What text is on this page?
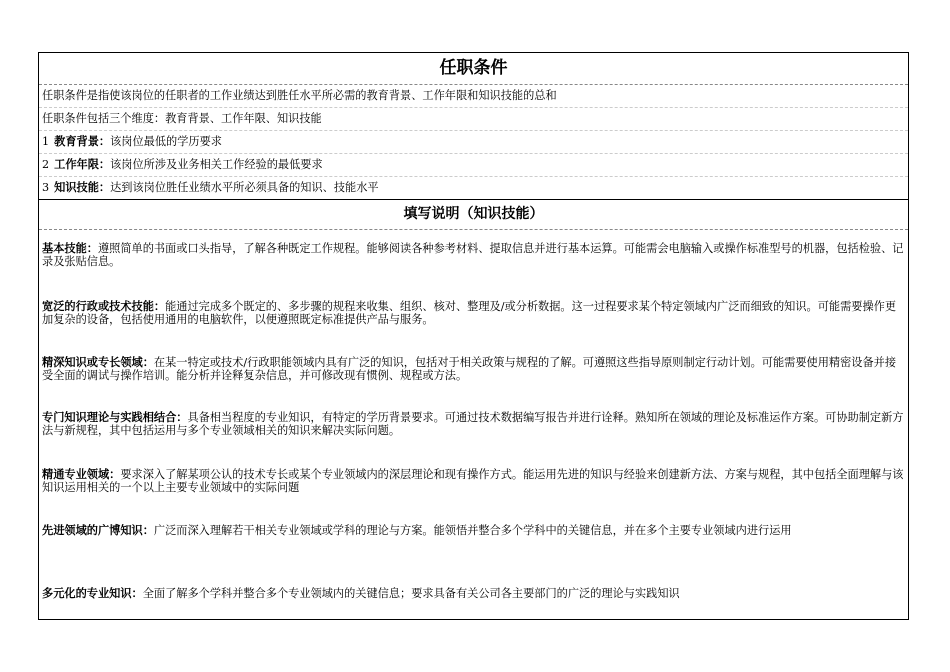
任职条件
任职条件是指使该岗位的任职者的工作业绩达到胜任水平所必需的教育背景、工作年限和知识技能的总和
任职条件包括三个维度：教育背景、工作年限、知识技能
1 教育背景：该岗位最低的学历要求
2 工作年限：该岗位所涉及业务相关工作经验的最低要求
3 知识技能：达到该岗位胜任业绩水平所必须具备的知识、技能水平
填写说明（知识技能）
基本技能：遵照简单的书面或口头指导，了解各种既定工作规程。能够阅读各种参考材料、提取信息并进行基本运算。可能需会电脑输入或操作标准型号的机器，包括检验、记录及张贴信息。
宽泛的行政或技术技能：能通过完成多个既定的、多步骤的规程来收集、组织、核对、整理及/或分析数据。这一过程要求某个特定领域内广泛而细致的知识。可能需要操作更加复杂的设备，包括使用通用的电脑软件，以便遵照既定标准提供产品与服务。
精深知识或专长领域：在某一特定或技术/行政职能领域内具有广泛的知识，包括对于相关政策与规程的了解。可遵照这些指导原则制定行动计划。可能需要使用精密设备并接受全面的调试与操作培训。能分析并诠释复杂信息，并可修改现有惯例、规程或方法。
专门知识理论与实践相结合：具备相当程度的专业知识，有特定的学历背景要求。可通过技术数据编写报告并进行诠释。熟知所在领域的理论及标准运作方案。可协助制定新方法与新规程，其中包括运用与多个专业领域相关的知识来解决实际问题。
精通专业领域：要求深入了解某项公认的技术专长或某个专业领域内的深层理论和现有操作方式。能运用先进的知识与经验来创建新方法、方案与规程，其中包括全面理解与该知识运用相关的一个以上主要专业领域中的实际问题
先进领域的广博知识：广泛而深入理解若干相关专业领域或学科的理论与方案。能领悟并整合多个学科中的关键信息，并在多个主要专业领域内进行运用
多元化的专业知识：全面了解多个学科并整合多个专业领域内的关键信息；要求具备有关公司各主要部门的广泛的理论与实践知识
